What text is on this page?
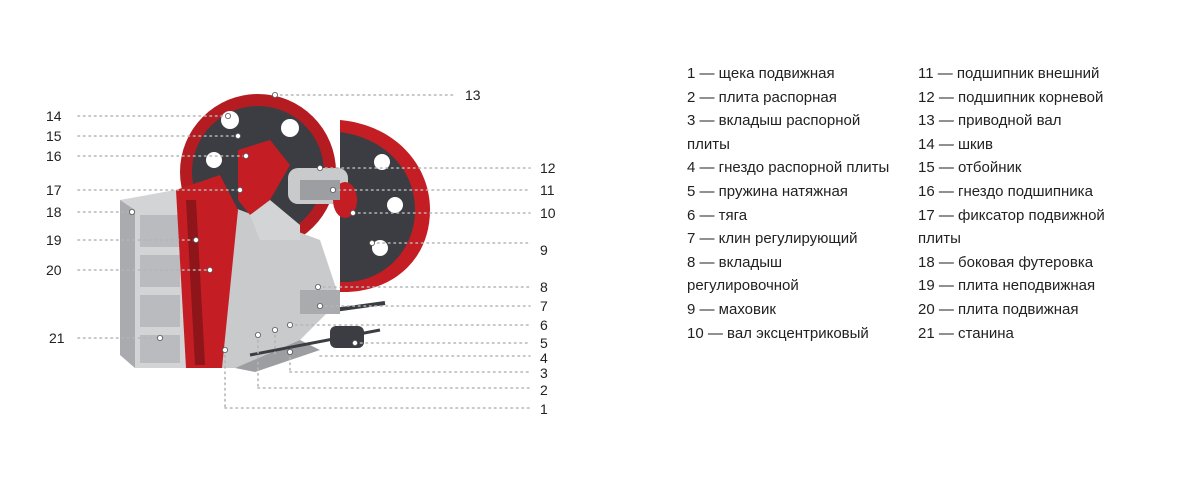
1
2
3
4
5
6
7
8
9
10
11
12
13
14
15
16
17
18
19
20
21
1 — щека подвижная
2 — плита распорная
3 — вкладыш распорной плиты
4 — гнездо распорной плиты
5 — пружина натяжная
6 — тяга
7 — клин регулирующий
8 — вкладыш регулировочной
9 — маховик
10 — вал эксцентриковый
11 — подшипник внешний
12 — подшипник корневой
13 — приводной вал
14 — шкив
15 — отбойник
16 — гнездо подшипника
17 — фиксатор подвижной плиты
18 — боковая футеровка
19 — плита неподвижная
20 — плита подвижная
21 — станина
